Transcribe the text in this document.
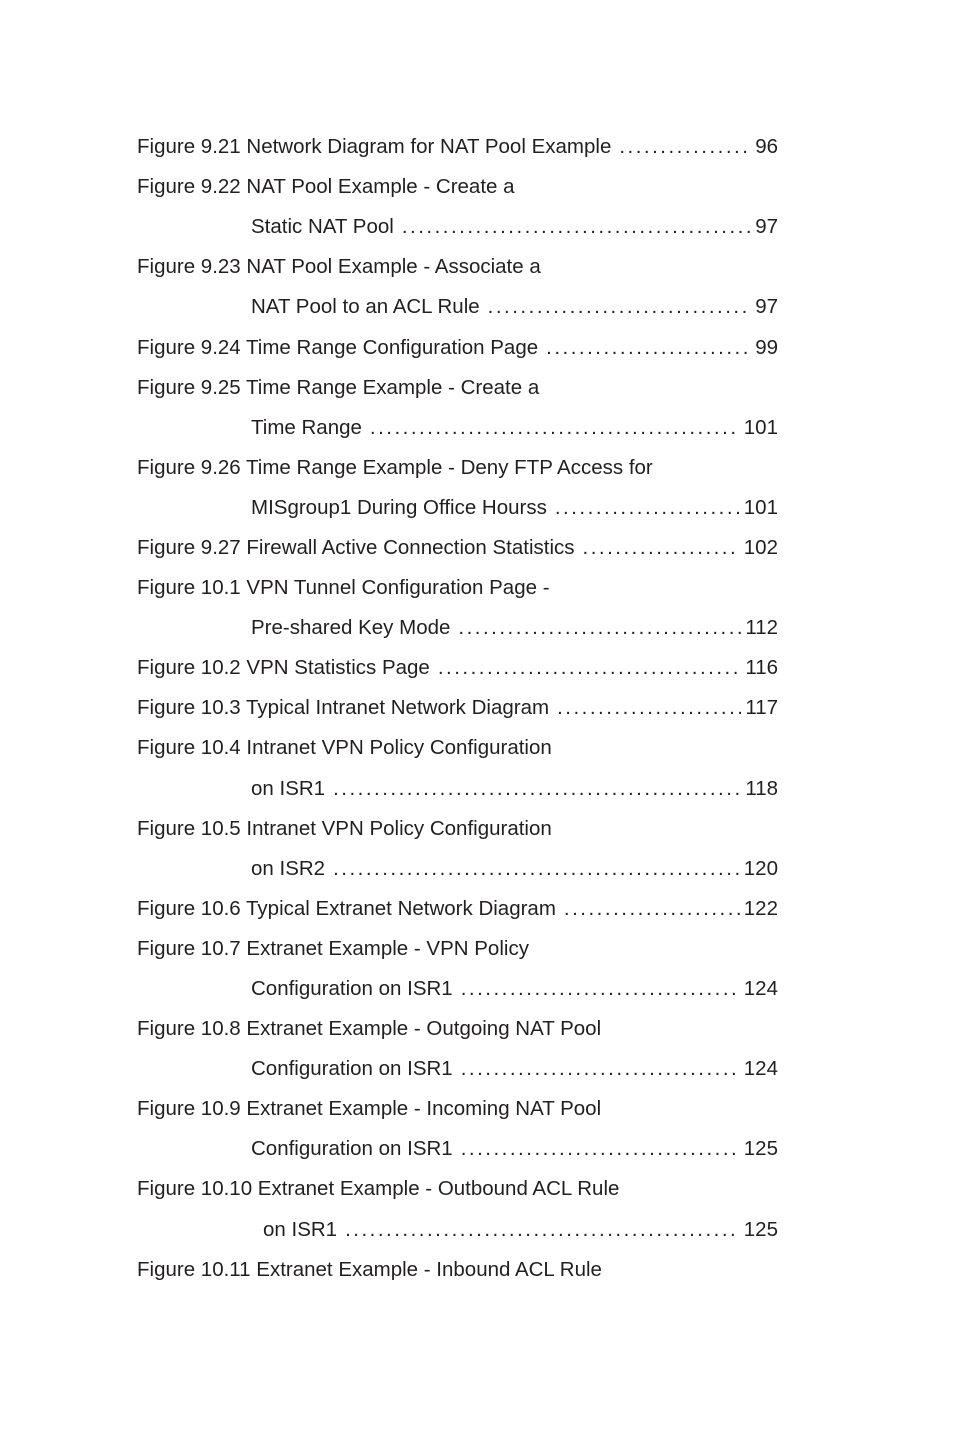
Figure 9.21 Network Diagram for NAT Pool Example . . .	96
Figure 9.22 NAT Pool Example - Create a
Static NAT Pool . . .	97
Figure 9.23 NAT Pool Example - Associate a
NAT Pool to an ACL Rule . . .	97
Figure 9.24 Time Range Configuration Page . . .	99
Figure 9.25 Time Range Example - Create a
Time Range . . .	101
Figure 9.26 Time Range Example - Deny FTP Access for
MISgroup1 During Office Hourss . . .	101
Figure 9.27 Firewall Active Connection Statistics . . .	102
Figure 10.1 VPN Tunnel Configuration Page -
Pre-shared Key Mode . . .	112
Figure 10.2 VPN Statistics Page . . .	116
Figure 10.3 Typical Intranet Network Diagram . . .	117
Figure 10.4 Intranet VPN Policy Configuration
on ISR1 . . .	118
Figure 10.5 Intranet VPN Policy Configuration
on ISR2 . . .	120
Figure 10.6 Typical Extranet Network Diagram . . .	122
Figure 10.7 Extranet Example - VPN Policy
Configuration on ISR1 . . .	124
Figure 10.8 Extranet Example - Outgoing NAT Pool
Configuration on ISR1 . . .	124
Figure 10.9 Extranet Example - Incoming NAT Pool
Configuration on ISR1 . . .	125
Figure 10.10 Extranet Example - Outbound ACL Rule
on ISR1 . . .	125
Figure 10.11 Extranet Example - Inbound ACL Rule
